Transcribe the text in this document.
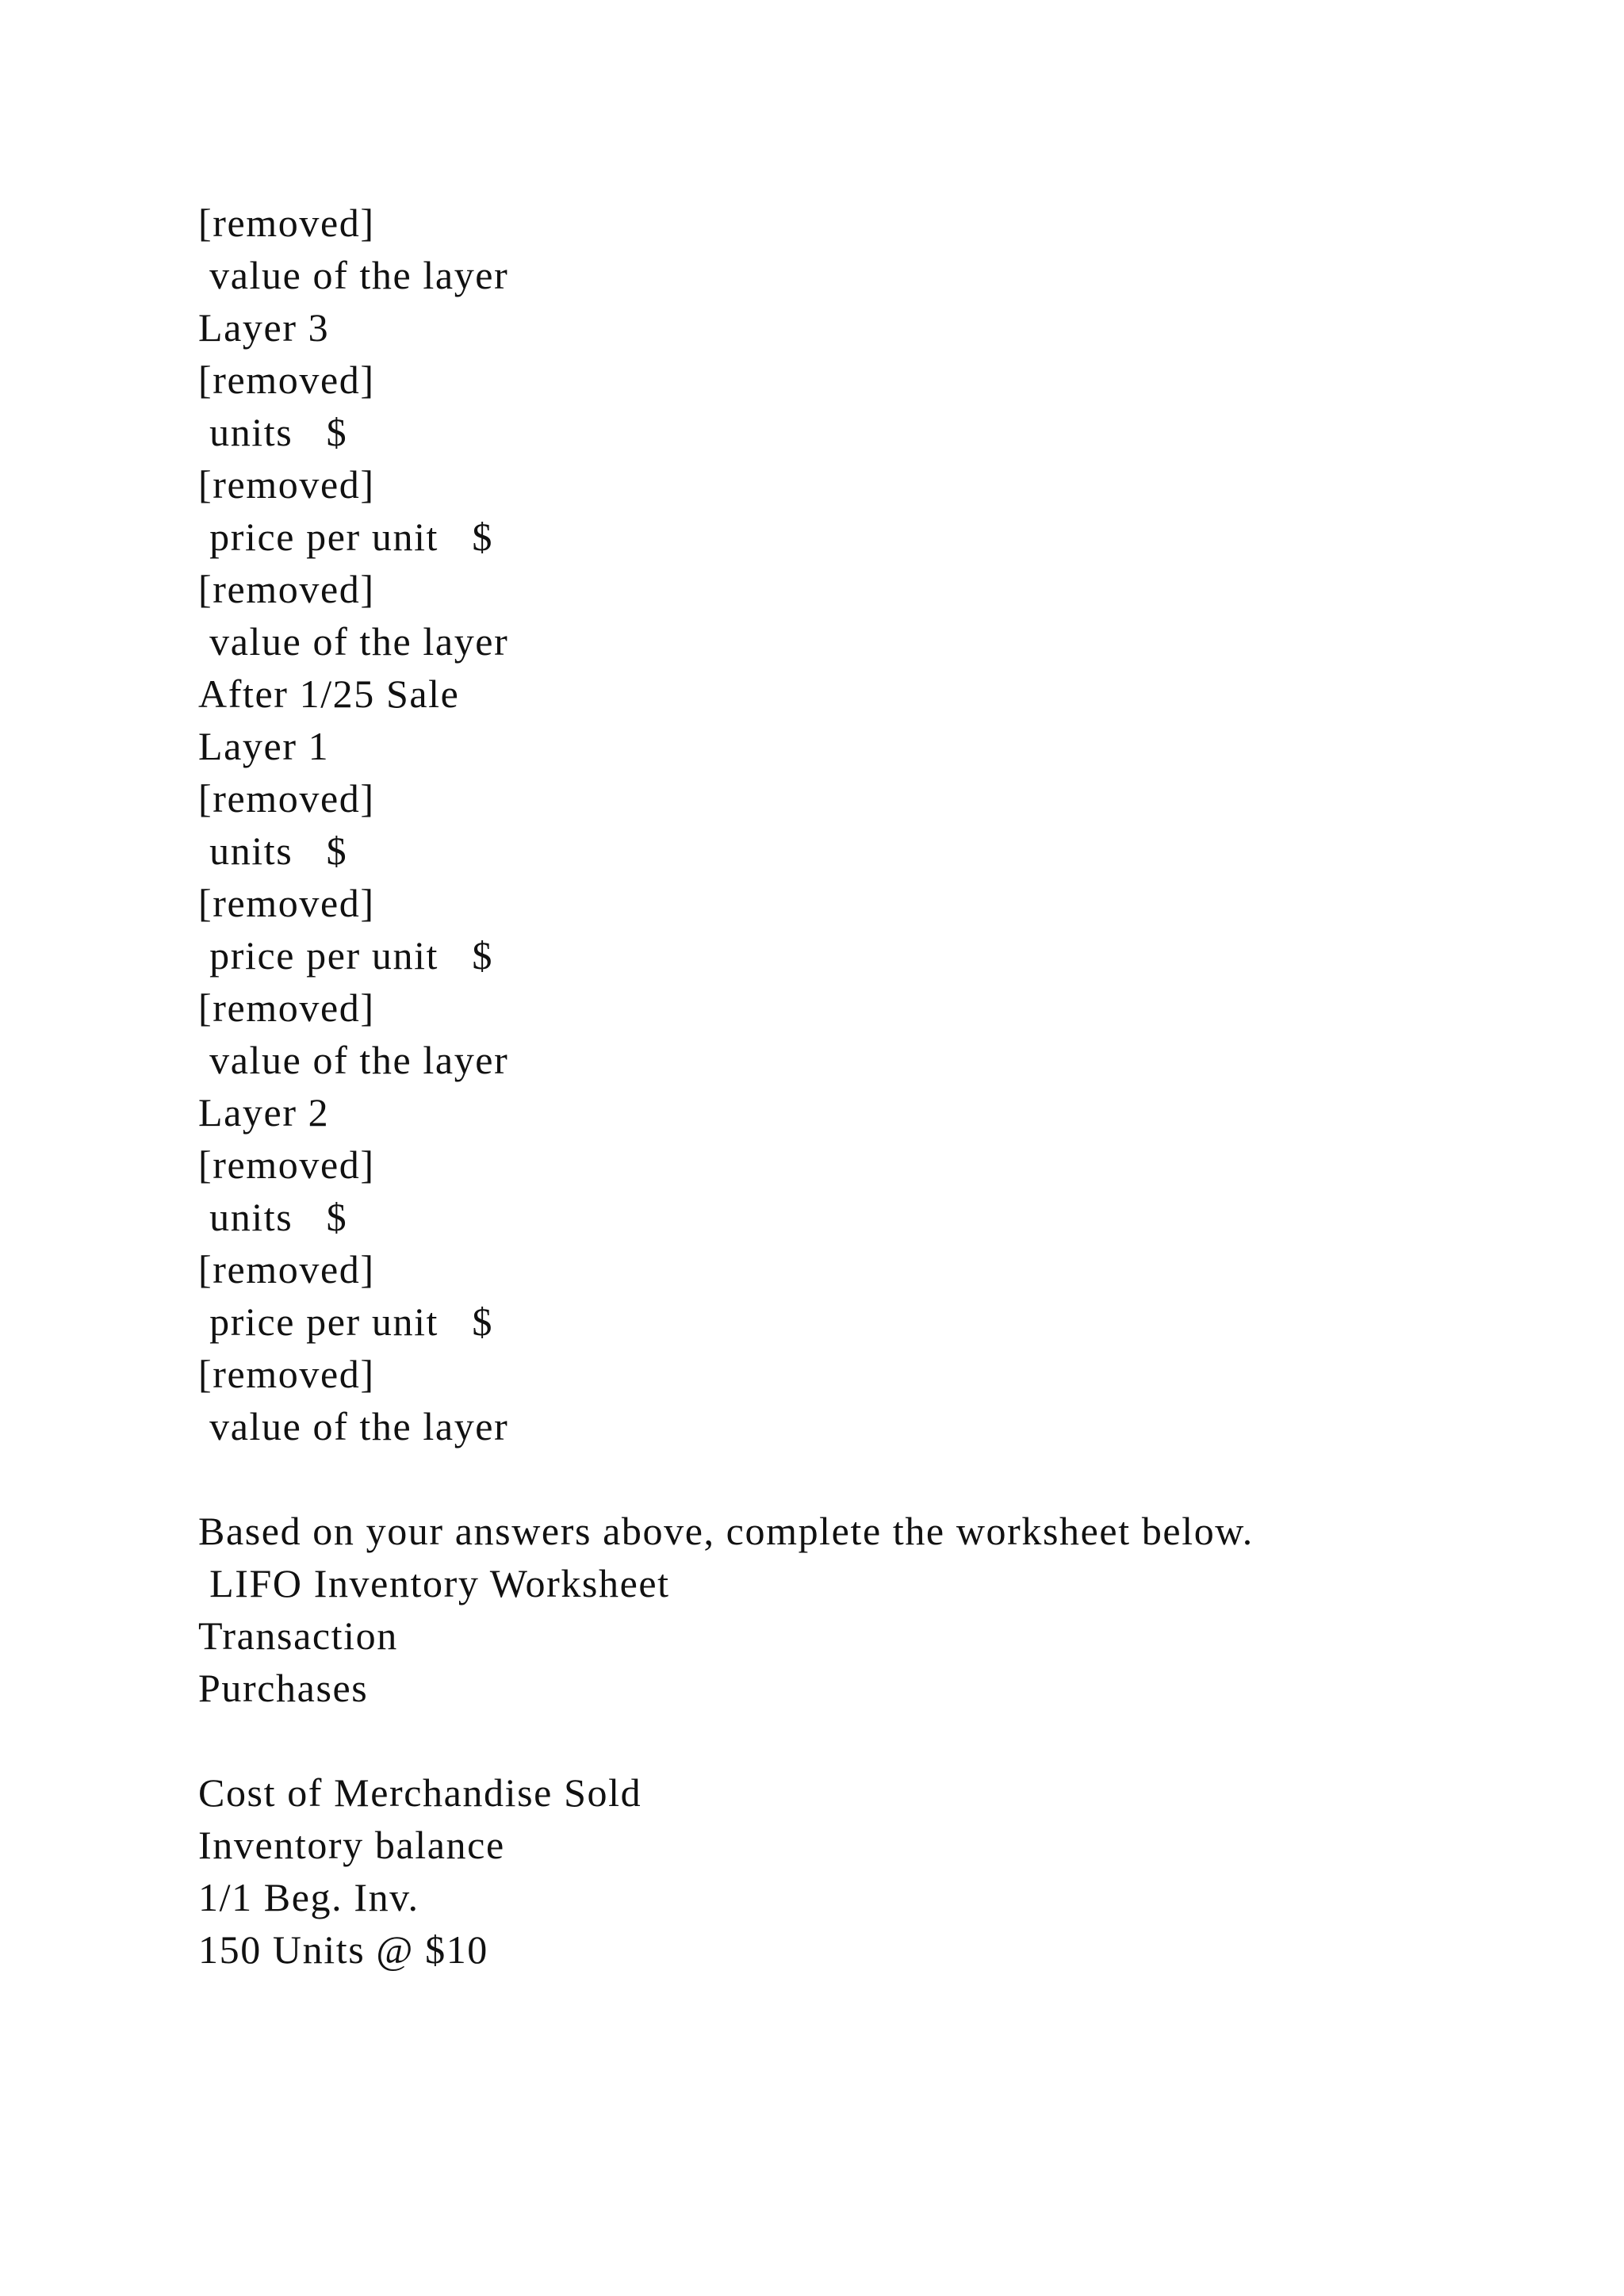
[removed]
value of the layer
Layer 3
[removed]
units   $
[removed]
price per unit   $
[removed]
value of the layer
After 1/25 Sale
Layer 1
[removed]
units   $
[removed]
price per unit   $
[removed]
value of the layer
Layer 2
[removed]
units   $
[removed]
price per unit   $
[removed]
value of the layer
Based on your answers above, complete the worksheet below.
LIFO Inventory Worksheet
Transaction
Purchases
Cost of Merchandise Sold
Inventory balance
1/1 Beg. Inv.
150 Units @ $10
